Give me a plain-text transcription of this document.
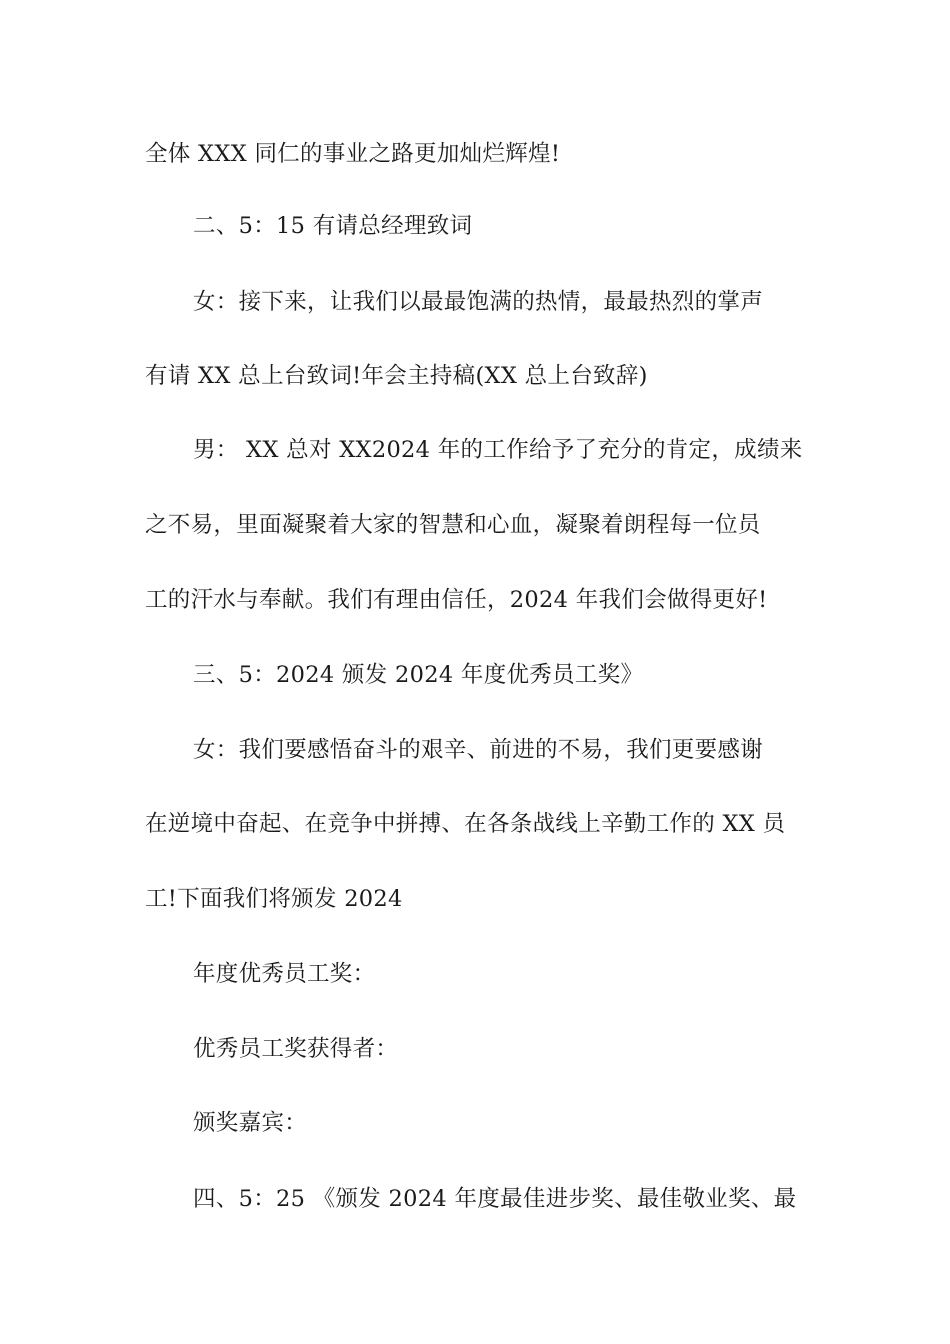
全体 XXX 同仁的事业之路更加灿烂辉煌!
二、5：15 有请总经理致词
女：接下来，让我们以最最饱满的热情，最最热烈的掌声
有请 XX 总上台致词!年会主持稿(XX 总上台致辞)
男： XX 总对 XX2024 年的工作给予了充分的肯定，成绩来
之不易，里面凝聚着大家的智慧和心血，凝聚着朗程每一位员
工的汗水与奉献。我们有理由信任，2024 年我们会做得更好!
三、5：2024 颁发 2024 年度优秀员工奖》
女：我们要感悟奋斗的艰辛、前进的不易，我们更要感谢
在逆境中奋起、在竞争中拼搏、在各条战线上辛勤工作的 XX 员
工!下面我们将颁发 2024
年度优秀员工奖：
优秀员工奖获得者：
颁奖嘉宾：
四、5：25 《颁发 2024 年度最佳进步奖、最佳敬业奖、最
